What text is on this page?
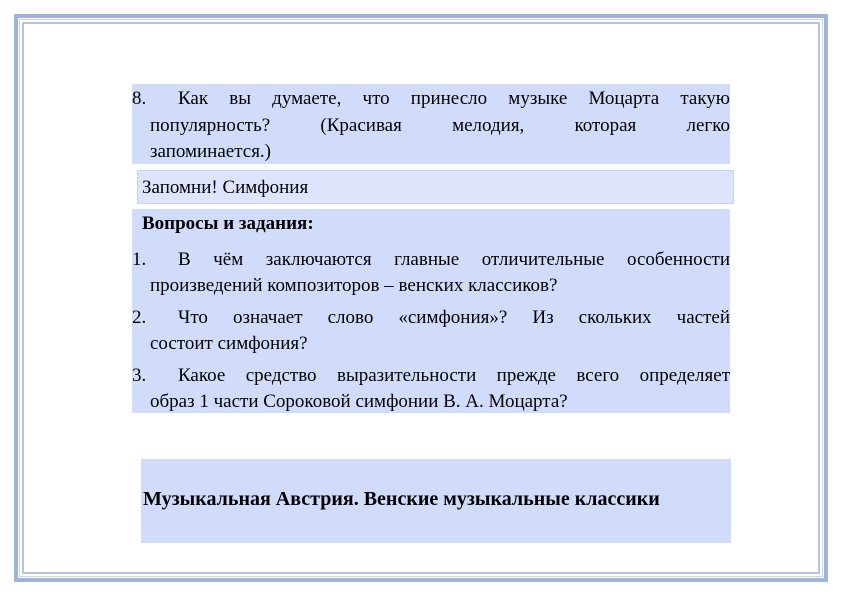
8. Как вы думаете, что принесло музыке Моцарта такую
популярность? (Красивая мелодия, которая легко
запоминается.)
Запомни! Симфония
Вопросы и задания:
1. В чём заключаются главные отличительные особенности
произведений композиторов – венских классиков?
2. Что означает слово «симфония»? Из скольких частей
состоит симфония?
3. Какое средство выразительности прежде всего определяет
образ 1 части Сороковой симфонии В. А. Моцарта?
Музыкальная Австрия. Венские музыкальные классики
